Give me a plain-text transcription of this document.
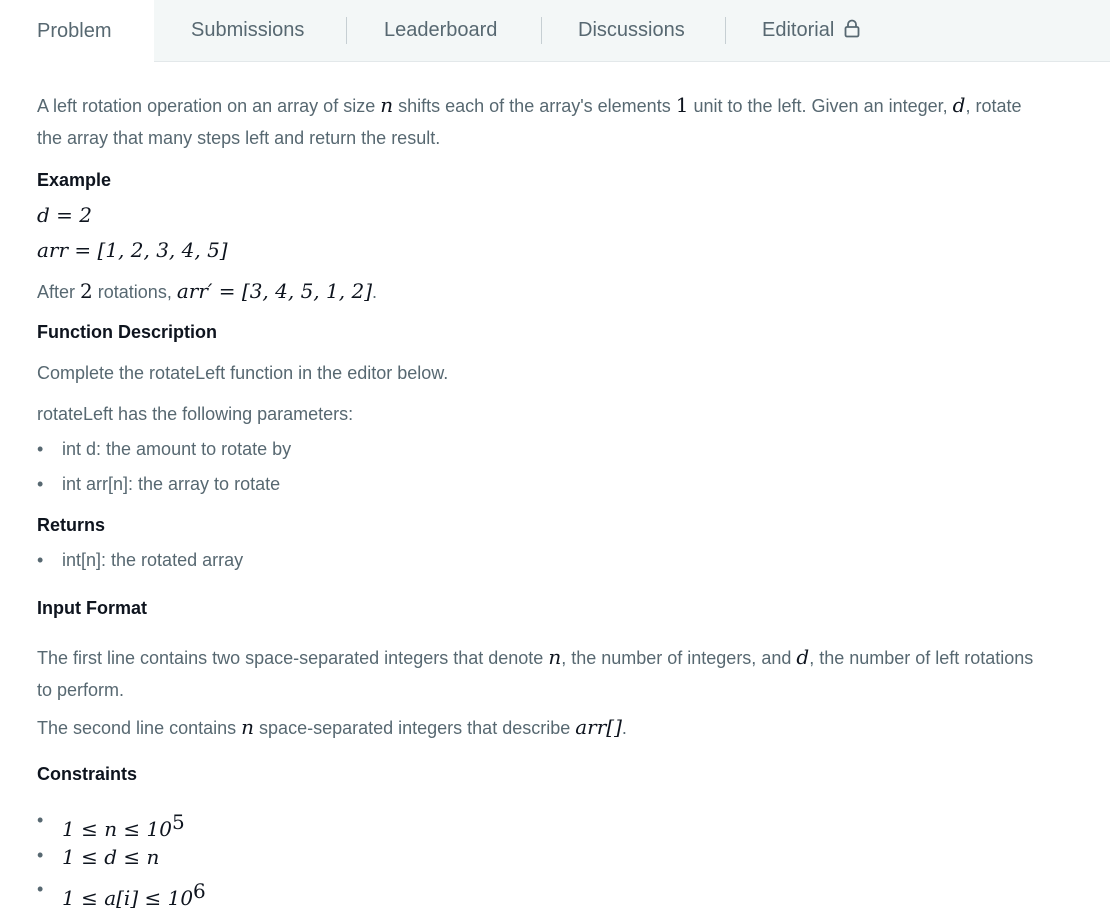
Problem	Submissions	Leaderboard	Discussions	Editorial
A left rotation operation on an array of size n shifts each of the array's elements 1 unit to the left. Given an integer, d, rotate
the array that many steps left and return the result.
Example
d = 2
arr = [1, 2, 3, 4, 5]
After 2 rotations, arr′ = [3, 4, 5, 1, 2].
Function Description
Complete the rotateLeft function in the editor below.
rotateLeft has the following parameters:
• int d: the amount to rotate by
• int arr[n]: the array to rotate
Returns
• int[n]: the rotated array
Input Format
The first line contains two space-separated integers that denote n, the number of integers, and d, the number of left rotations
to perform.
The second line contains n space-separated integers that describe arr[].
Constraints
• $1 \le n \le 10^5$
• 1 ≤ d ≤ n
• $1 \le a[i] \le 10^6$
